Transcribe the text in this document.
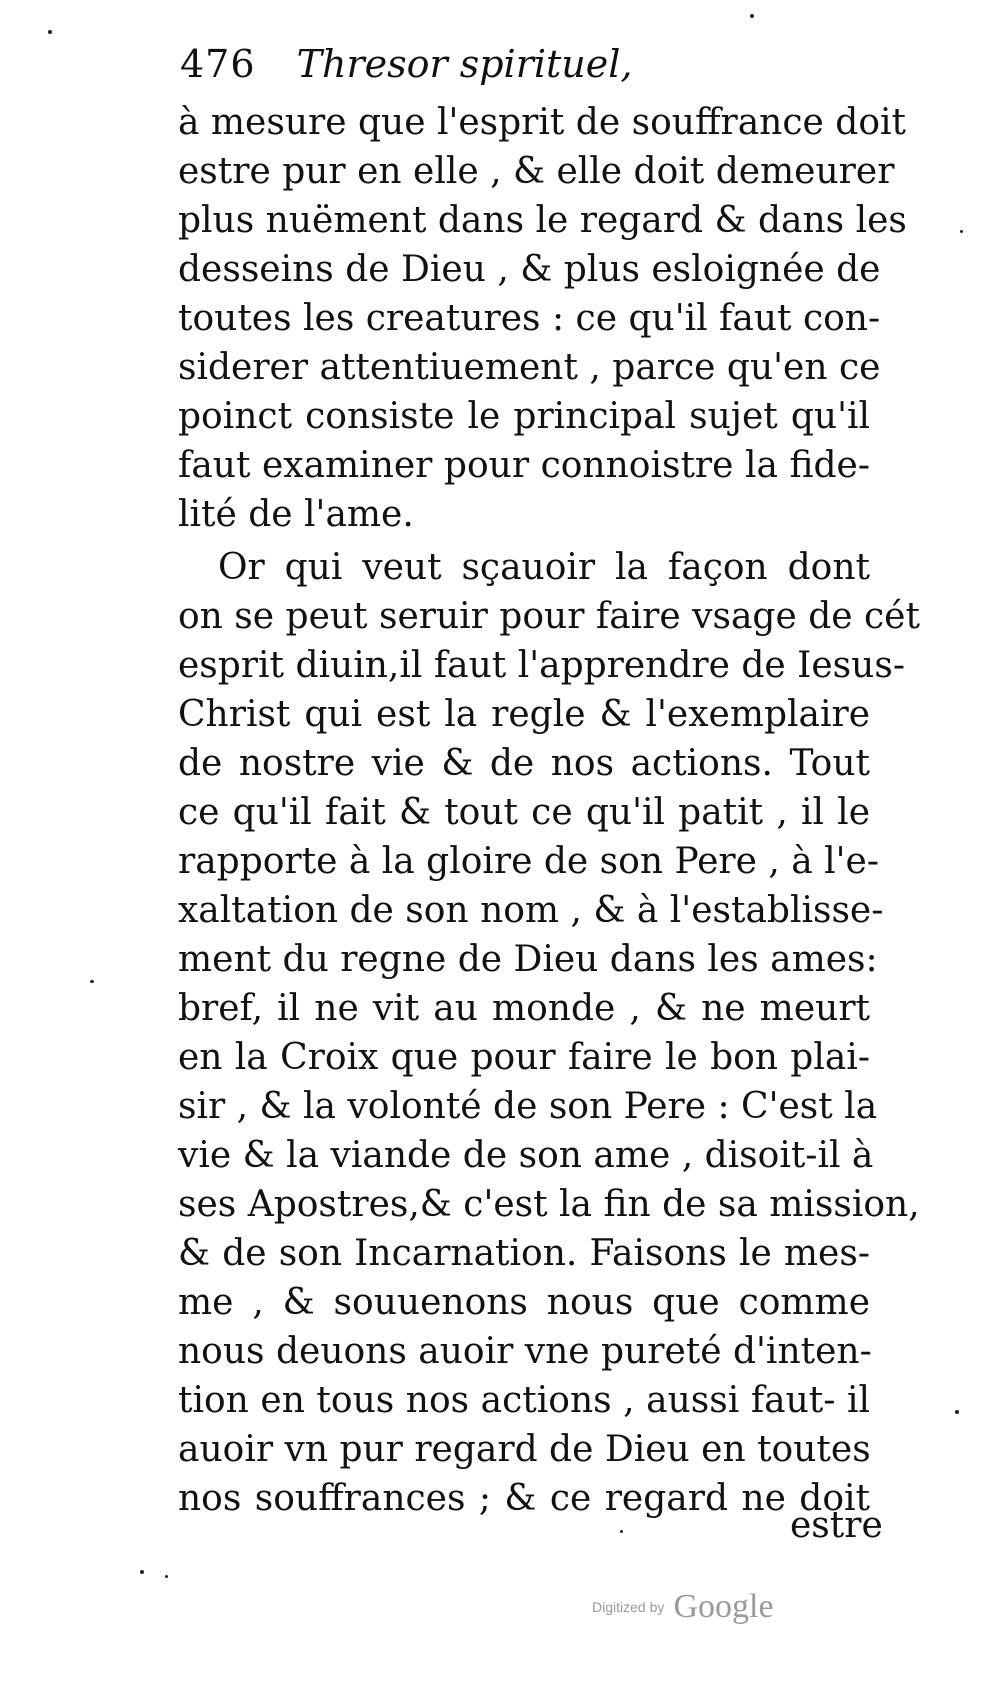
476 Thresor spirituel,
à mesure que l'esprit de souffrance doit
estre pur en elle , & elle doit demeurer
plus nuëment dans le regard & dans les
desseins de Dieu , & plus esloignée de
toutes les creatures : ce qu'il faut con-
siderer attentiuement , parce qu'en ce
poinct consiste le principal sujet qu'il
faut examiner pour connoistre la fide-
lité de l'ame.
Or qui veut sçauoir la façon dont
on se peut seruir pour faire vsage de cét
esprit diuin,il faut l'apprendre de Iesus-
Christ qui est la regle & l'exemplaire
de nostre vie & de nos actions. Tout
ce qu'il fait & tout ce qu'il patit , il le
rapporte à la gloire de son Pere , à l'e-
xaltation de son nom , & à l'establisse-
ment du regne de Dieu dans les ames:
bref, il ne vit au monde , & ne meurt
en la Croix que pour faire le bon plai-
sir , & la volonté de son Pere : C'est la
vie & la viande de son ame , disoit-il à
ses Apostres,& c'est la fin de sa mission,
& de son Incarnation. Faisons le mes-
me , & souuenons nous que comme
nous deuons auoir vne pureté d'inten-
tion en tous nos actions , aussi faut- il
auoir vn pur regard de Dieu en toutes
nos souffrances ; & ce regard ne doit
estre
Digitized by Google
